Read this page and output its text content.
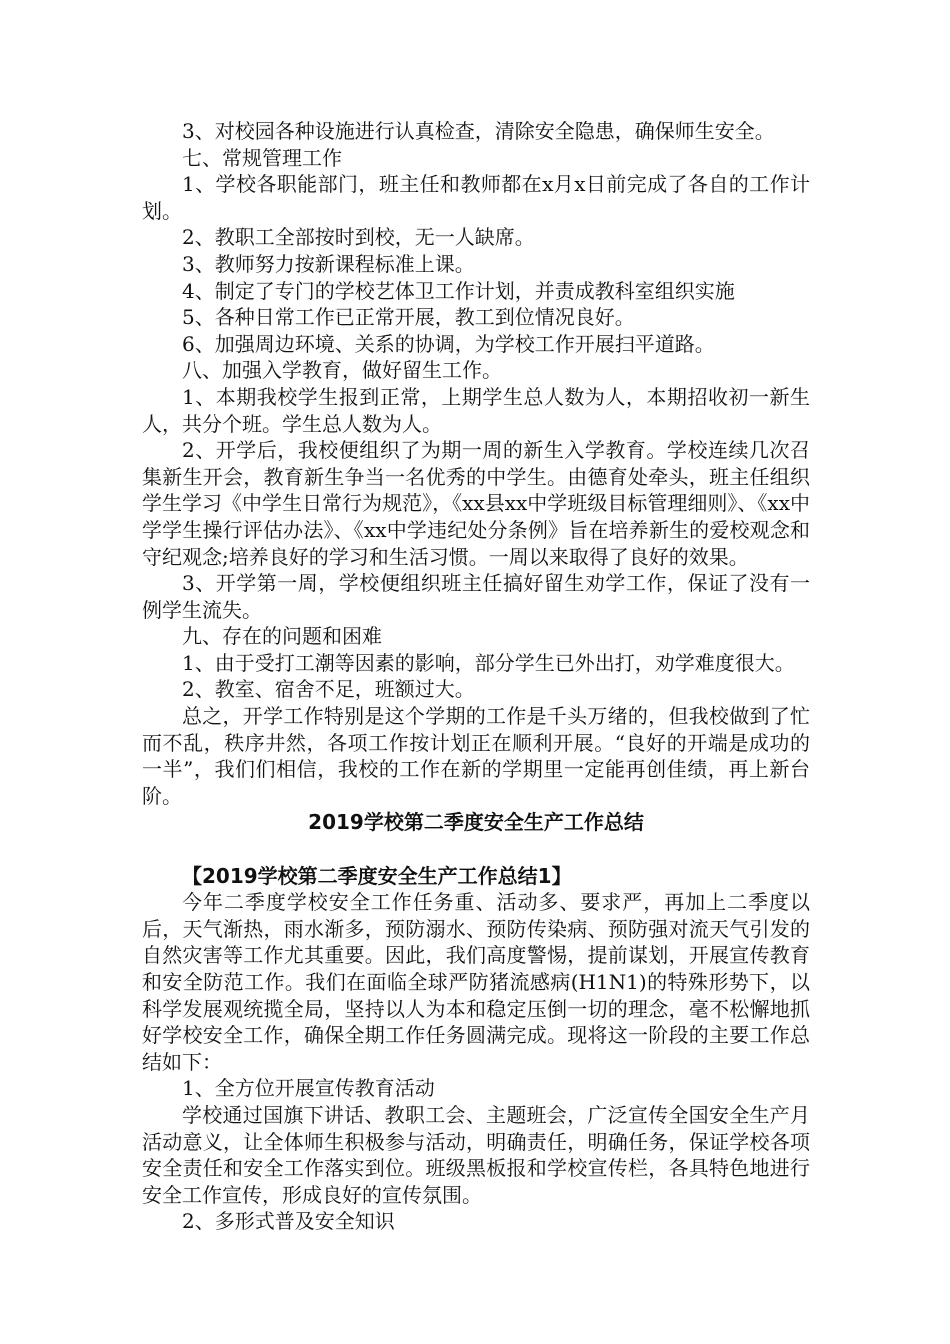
3、对校园各种设施进行认真检查，清除安全隐患，确保师生安全。

七、常规管理工作

1、学校各职能部门，班主任和教师都在x月x日前完成了各自的工作计划。

2、教职工全部按时到校，无一人缺席。

3、教师努力按新课程标准上课。

4、制定了专门的学校艺体卫工作计划，并责成教科室组织实施

5、各种日常工作已正常开展，教工到位情况良好。

6、加强周边环境、关系的协调，为学校工作开展扫平道路。

八、加强入学教育，做好留生工作。

1、本期我校学生报到正常，上期学生总人数为人，本期招收初一新生人，共分个班。学生总人数为人。

2、开学后，我校便组织了为期一周的新生入学教育。学校连续几次召集新生开会，教育新生争当一名优秀的中学生。由德育处牵头，班主任组织学生学习《中学生日常行为规范》，《xx县xx中学班级目标管理细则》、《xx中学学生操行评估办法》、《xx中学违纪处分条例》旨在培养新生的爱校观念和守纪观念;培养良好的学习和生活习惯。一周以来取得了良好的效果。

3、开学第一周，学校便组织班主任搞好留生劝学工作，保证了没有一例学生流失。

九、存在的问题和困难

1、由于受打工潮等因素的影响，部分学生已外出打，劝学难度很大。

2、教室、宿舍不足，班额过大。

总之，开学工作特别是这个学期的工作是千头万绪的，但我校做到了忙而不乱，秩序井然，各项工作按计划正在顺利开展。“良好的开端是成功的一半”，我们们相信，我校的工作在新的学期里一定能再创佳绩，再上新台阶。

2019学校第二季度安全生产工作总结

【2019学校第二季度安全生产工作总结1】

今年二季度学校安全工作任务重、活动多、要求严，再加上二季度以后，天气渐热，雨水渐多，预防溺水、预防传染病、预防强对流天气引发的自然灾害等工作尤其重要。因此，我们高度警惕，提前谋划，开展宣传教育和安全防范工作。我们在面临全球严防猪流感病(H1N1)的特殊形势下，以科学发展观统揽全局，坚持以人为本和稳定压倒一切的理念，毫不松懈地抓好学校安全工作，确保全期工作任务圆满完成。现将这一阶段的主要工作总结如下：

1、全方位开展宣传教育活动

学校通过国旗下讲话、教职工会、主题班会，广泛宣传全国安全生产月活动意义，让全体师生积极参与活动，明确责任，明确任务，保证学校各项安全责任和安全工作落实到位。班级黑板报和学校宣传栏，各具特色地进行安全工作宣传，形成良好的宣传氛围。

2、多形式普及安全知识
